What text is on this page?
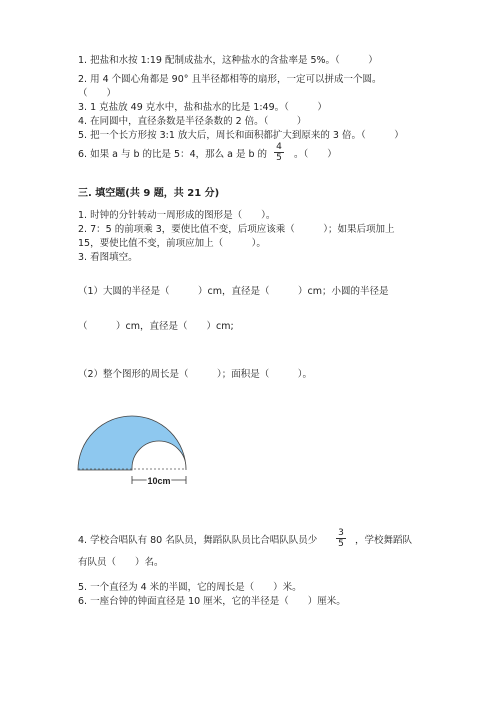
1. 把盐和水按 1:19 配制成盐水，这种盐水的含盐率是 5%。（　　　）
2. 用 4 个圆心角都是 90° 且半径都相等的扇形，一定可以拼成一个圆。
（　　）
3. 1 克盐放 49 克水中，盐和盐水的比是 1:49。（　　　）
4. 在同圆中，直径条数是半径条数的 2 倍。（　　　）
5. 把一个长方形按 3:1 放大后，周长和面积都扩大到原来的 3 倍。（　　　）
6. 如果 a 与 b 的比是 5：4，那么 a 是 b 的 $\frac{4}{5}$ 。（　　）
三. 填空题(共 9 题，共 21 分)
1. 时钟的分针转动一周形成的图形是（　　）。
2. 7：5 的前项乘 3，要使比值不变，后项应该乘（　　　）；如果后项加上
15，要使比值不变，前项应加上（　　　）。
3. 看图填空。
（1）大圆的半径是（　　　）cm，直径是（　　　）cm；小圆的半径是
（　　　）cm，直径是（　　）cm;
（2）整个图形的周长是（　　　）；面积是（　　　）。
10cm
4. 学校合唱队有 80 名队员，舞蹈队队员比合唱队队员少 $\frac{3}{5}$ ，学校舞蹈队
有队员（　　）名。
5. 一个直径为 4 米的半圆，它的周长是（　　）米。
6. 一座台钟的钟面直径是 10 厘米，它的半径是（　　）厘米。
